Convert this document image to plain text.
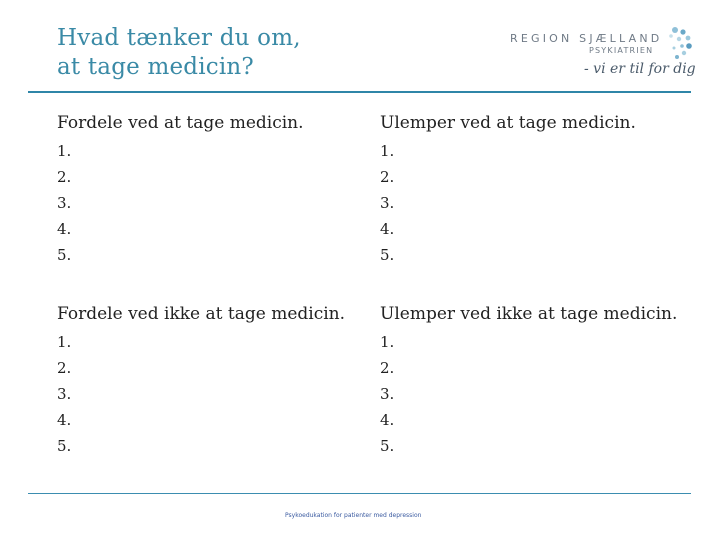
Hvad tænker du om,
at tage medicin?
REGION SJÆLLAND
PSYKIATRIEN
- vi er til for dig
Fordele ved at tage medicin.
1.
2.
3.
4.
5.
Ulemper ved at tage medicin.
1.
2.
3.
4.
5.
Fordele ved ikke at tage medicin.
1.
2.
3.
4.
5.
Ulemper ved ikke at tage medicin.
1.
2.
3.
4.
5.
Psykoedukation for patienter med depression
